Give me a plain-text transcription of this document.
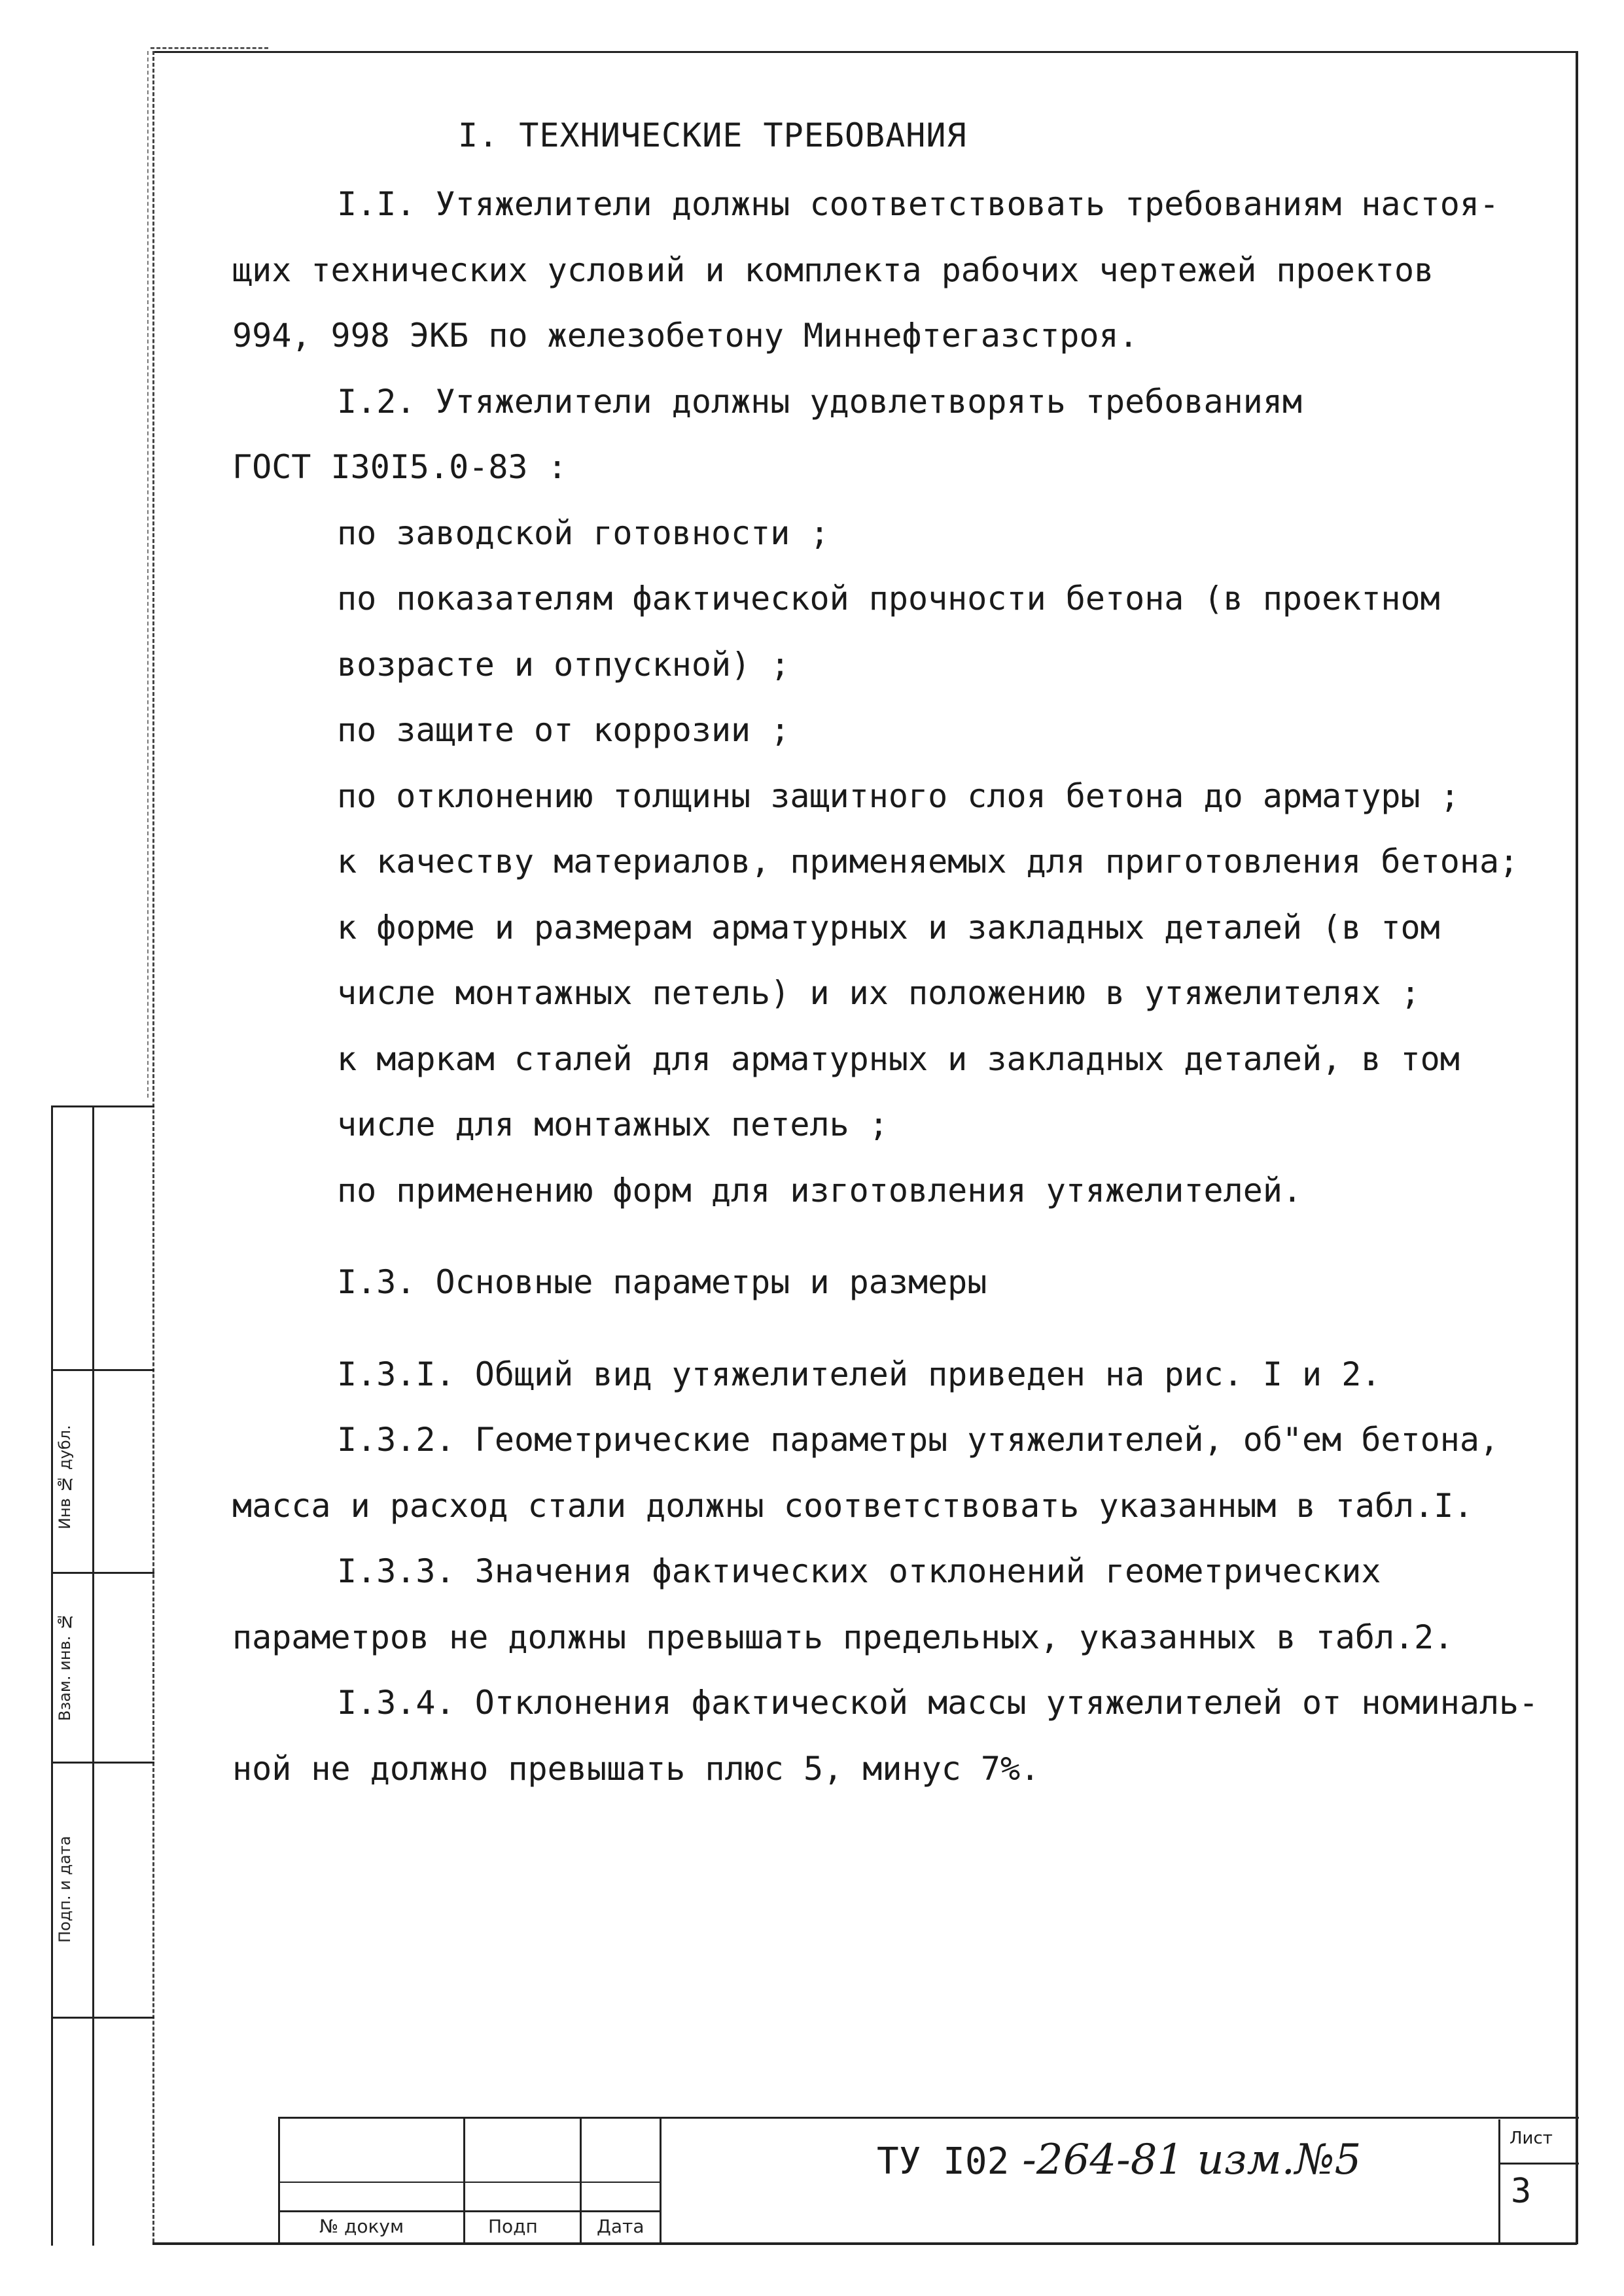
I. ТЕХНИЧЕСКИЕ ТРЕБОВАНИЯ

I.I. Утяжелители должны соответствовать требованиям настоя-

щих технических условий и комплекта рабочих чертежей проектов

994, 998 ЭКБ по железобетону Миннефтегазстроя.

I.2. Утяжелители должны удовлетворять требованиям

ГОСТ I30I5.0-83 :

по заводской готовности ;

по показателям фактической прочности бетона (в проектном

возрасте и отпускной) ;

по защите от коррозии ;

по отклонению толщины защитного слоя бетона до арматуры ;

к качеству материалов, применяемых для приготовления бетона;

к форме и размерам арматурных и закладных деталей (в том

числе монтажных петель) и их положению в утяжелителях ;

к маркам сталей для арматурных и закладных деталей, в том

числе для монтажных петель ;

по применению форм для изготовления утяжелителей.

I.3. Основные параметры и размеры

I.3.I. Общий вид утяжелителей приведен на рис. I и 2.

I.3.2. Геометрические параметры утяжелителей, об"ем бетона,

масса и расход стали должны соответствовать указанным в табл.I.

I.3.3. Значения фактических отклонений геометрических

параметров не должны превышать предельных, указанных в табл.2.

I.3.4. Отклонения фактической массы утяжелителей от номиналь-

ной не должно превышать плюс 5, минус 7%.

Инв № дубл.
Взам. инв. №
Подп. и дата
№ докум	Подп	Дата
ТУ I02 -264-81 изм.№5	Лист
3
